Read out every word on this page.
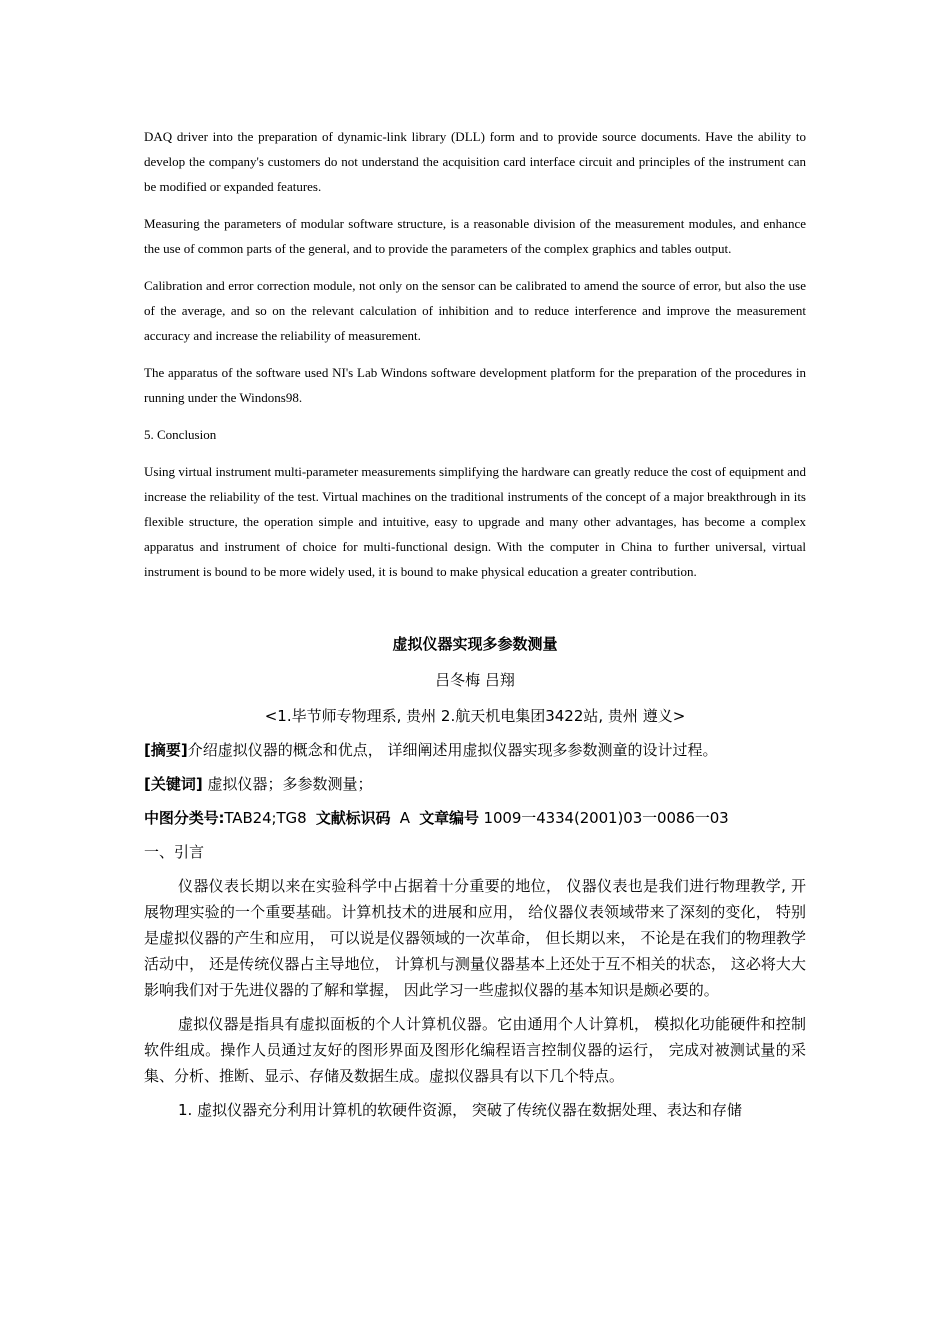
DAQ driver into the preparation of dynamic-link library (DLL) form and to provide source documents. Have the ability to develop the company's customers do not understand the acquisition card interface circuit and principles of the instrument can be modified or expanded features.

Measuring the parameters of modular software structure, is a reasonable division of the measurement modules, and enhance the use of common parts of the general, and to provide the parameters of the complex graphics and tables output.

Calibration and error correction module, not only on the sensor can be calibrated to amend the source of error, but also the use of the average, and so on the relevant calculation of inhibition and to reduce interference and improve the measurement accuracy and increase the reliability of measurement.

The apparatus of the software used NI's Lab Windons software development platform for the preparation of the procedures in running under the Windons98.

5. Conclusion

Using virtual instrument multi-parameter measurements simplifying the hardware can greatly reduce the cost of equipment and increase the reliability of the test. Virtual machines on the traditional instruments of the concept of a major breakthrough in its flexible structure, the operation simple and intuitive, easy to upgrade and many other advantages, has become a complex apparatus and instrument of choice for multi-functional design. With the computer in China to further universal, virtual instrument is bound to be more widely used, it is bound to make physical education a greater contribution.

虚拟仪器实现多参数测量
吕冬梅 吕翔
<1.毕节师专物理系, 贵州 2.航天机电集团3422站, 贵州 遵义>
[摘要]介绍虚拟仪器的概念和优点， 详细阐述用虚拟仪器实现多参数测童的设计过程。
[关键词] 虚拟仪器；多参数测量；
中图分类号:TAB24;TG8 文献标识码 A 文章编号 1009一4334(2001)03一0086一03
一、引言

仪器仪表长期以来在实验科学中占据着十分重要的地位， 仪器仪表也是我们进行物理教学, 开展物理实验的一个重要基础。计算机技术的进展和应用， 给仪器仪表领域带来了深刻的变化， 特别是虚拟仪器的产生和应用， 可以说是仪器领域的一次革命， 但长期以来， 不论是在我们的物理教学活动中， 还是传统仪器占主导地位， 计算机与测量仪器基本上还处于互不相关的状态， 这必将大大影响我们对于先进仪器的了解和掌握， 因此学习一些虚拟仪器的基本知识是颇必要的。

虚拟仪器是指具有虚拟面板的个人计算机仪器。它由通用个人计算机， 模拟化功能硬件和控制软件组成。操作人员通过友好的图形界面及图形化编程语言控制仪器的运行， 完成对被测试量的采集、分析、推断、显示、存储及数据生成。虚拟仪器具有以下几个特点。

1. 虚拟仪器充分利用计算机的软硬件资源， 突破了传统仪器在数据处理、表达和存储
